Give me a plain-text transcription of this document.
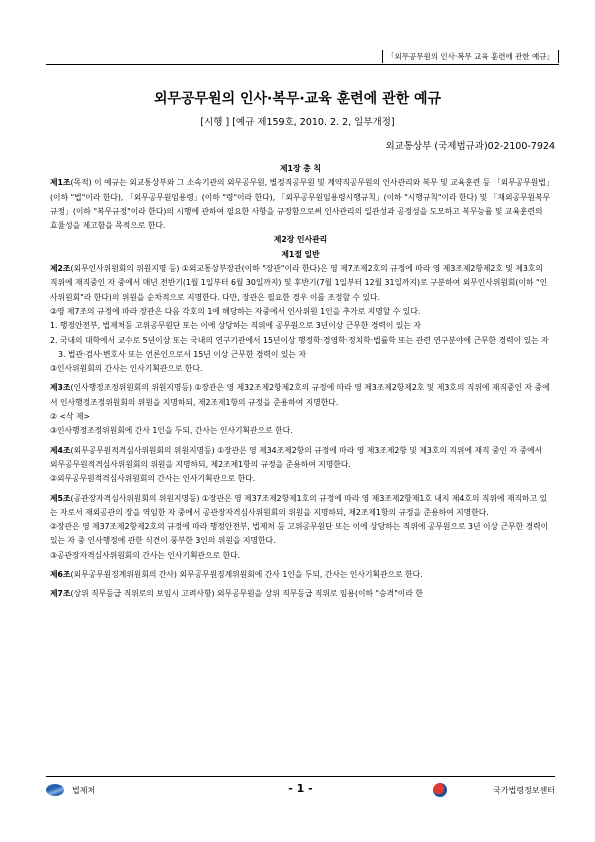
「외무공무원의 인사·복무 교육 훈련에 관한 예규」
외무공무원의 인사·복무·교육 훈련에 관한 예규
[시행 ] [예규 제159호, 2010. 2. 2, 일부개정]
외교통상부 (국제법규과)02-2100-7924

제1장 총 칙

제1조(목적) 이 예규는 외교통상부와 그 소속기관의 외무공무원, 별정직공무원 및 계약직공무원의 인사관리와 복무 및 교육훈련 등 「외무공무원법」(이하 "법"이라 한다), 「외무공무원임용령」(이하 "령"이라 한다), 「외무공무원임용령시행규칙」(이하 "시행규칙"이라 한다) 및 「재외공무원복무규정」(이하 "복무규정"이라 한다)의 시행에 관하여 필요한 사항을 규정함으로써 인사관리의 일관성과 공정성을 도모하고 복무능률 및 교육훈련의 효율성을 제고함을 목적으로 한다.

제2장 인사관리

제1절 일반

제2조(외무인사위원회의 위원지명 등) ①외교통상부장관(이하 "장관"이라 한다)은 영 제7조제2호의 규정에 따라 영 제3조제2항제2호 및 제3호의 직위에 재직중인 자 중에서 매년 전반기(1월 1일부터 6월 30일까지) 및 후반기(7월 1일부터 12월 31일까지)로 구분하여 외무인사위원회(이하 "인사위원회"라 한다)의 위원을 순차적으로 지명한다. 다만, 장관은 필요한 경우 이를 조정할 수 있다.

②영 제7조의 규정에 따라 장관은 다음 각호의 1에 해당하는 자중에서 인사위원 1인을 추가로 지명할 수 있다.

1. 행정안전부, 법제처등 고위공무원단 또는 이에 상당하는 직위에 공무원으로 3년이상 근무한 경력이 있는 자

2. 국내의 대학에서 교수로 5년이상 또는 국내의 연구기관에서 15년이상 행정학·경영학·정치학·법률학 또는 관련 연구분야에 근무한 경력이 있는 자

3. 법관·검사·변호사 또는 언론인으로서 15년 이상 근무한 경력이 있는 자

③인사위원회의 간사는 인사기획관으로 한다.

제3조(인사행정조정위원회의 위원지명등) ①장관은 영 제32조제2항제2호의 규정에 따라 영 제3조제2항제2호 및 제3호의 직위에 재직중인 자 중에서 인사행정조정위원회의 위원을 지명하되, 제2조제1항의 규정을 준용하여 지명한다.

② <삭 제>

③인사행정조정위원회에 간사 1인을 두되, 간사는 인사기획관으로 한다.

제4조(외무공무원적격심사위원회의 위원지명등) ①장관은 영 제34조제2항의 규정에 따라 영 제3조제2항 및 제3호의 직위에 재직 중인 자 중에서 외무공무원적격심사위원회의 위원을 지명하되, 제2조제1항의 규정을 준용하여 지명한다.

②외무공무원적격심사위원회의 간사는 인사기획관으로 한다.

제5조(공관장자격심사위원회의 위원지명등) ①장관은 영 제37조제2항제1호의 규정에 따라 영 제3조제2항제1호 내지 제4호의 직위에 재직하고 있는 자로서 재외공관의 장을 역임한 자 중에서 공관장자격심사위원회의 위원을 지명하되, 제2조제1항의 규정을 준용하여 지명한다.

②장관은 영 제37조제2항제2호의 규정에 따라 행정안전부, 법제처 등 고위공무원단 또는 이에 상당하는 직위에 공무원으로 3년 이상 근무한 경력이 있는 자 중 인사행정에 관한 식견이 풍부한 3인의 위원을 지명한다.

③공관장자격심사위원회의 간사는 인사기획관으로 한다.

제6조(외무공무원징계위원회의 간사) 외무공무원징계위원회에 간사 1인을 두되, 간사는 인사기획관으로 한다.

제7조(상위 직무등급 직위로의 보임시 고려사항) 외무공무원을 상위 직무등급 직위로 임용(이하 "승격"이라 한

법제처	- 1 -	국가법령정보센터
